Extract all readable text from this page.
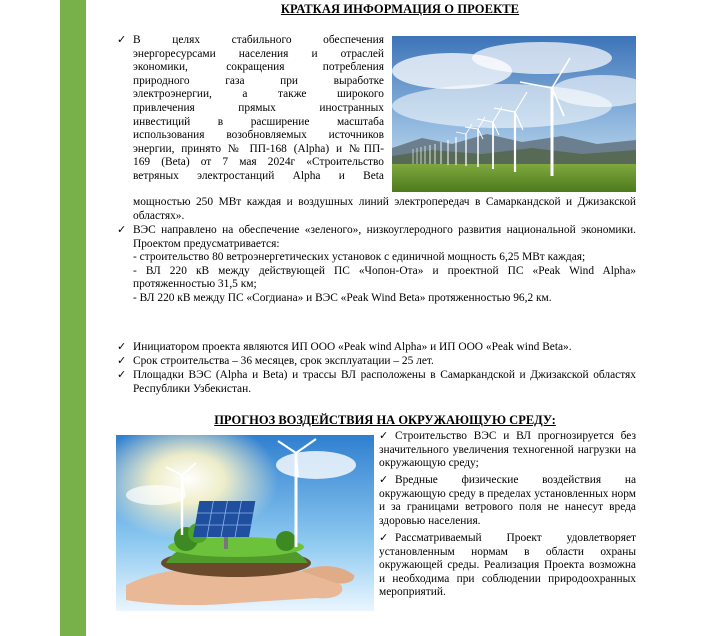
КРАТКАЯ ИНФОРМАЦИЯ О ПРОЕКТЕ
✓ В целях стабильного обеспечения
энергоресурсами населения и отраслей
экономики, сокращения потребления
природного газа при выработке
электроэнергии, а также широкого
привлечения прямых иностранных
инвестиций в расширение масштаба
использования возобновляемых источников
энергии, принято № ПП-168 (Alpha) и №ПП-
169 (Beta) от 7 мая 2024г «Строительство
ветряных электростанций Alpha и Beta
мощностью 250 МВт каждая и воздушных линий электропередач в Самаркандской и Джизакской областях».
✓ ВЭС направлено на обеспечение «зеленого», низкоуглеродного развития национальной экономики. Проектом предусматривается:
- строительство 80 ветроэнергетических установок с единичной мощность 6,25 МВт каждая;
- ВЛ 220 кВ между действующей ПС «Чопон-Ота» и проектной ПС «Peak Wind Alpha» протяженностью 31,5 км;
- ВЛ 220 кВ между ПС «Согдиана» и ВЭС «Peak Wind Beta» протяженностью 96,2 км.
✓ Инициатором проекта являются ИП ООО «Peak wind Alpha» и ИП ООО «Peak wind Beta».
✓ Срок строительства – 36 месяцев, срок эксплуатации – 25 лет.
✓ Площадки ВЭС (Alpha и Beta) и трассы ВЛ расположены в Самаркандской и Джизакской областях Республики Узбекистан.
ПРОГНОЗ ВОЗДЕЙСТВИЯ НА ОКРУЖАЮЩУЮ СРЕДУ:
✓ Строительство ВЭС и ВЛ прогнозируется без значительного увеличения техногенной нагрузки на окружающую среду;
✓ Вредные физические воздействия на окружающую среду в пределах установленных норм и за границами ветрового поля не нанесут вреда здоровью населения.
✓ Рассматриваемый Проект удовлетворяет установленным нормам в области охраны окружающей среды. Реализация Проекта возможна и необходима при соблюдении природоохранных мероприятий.
